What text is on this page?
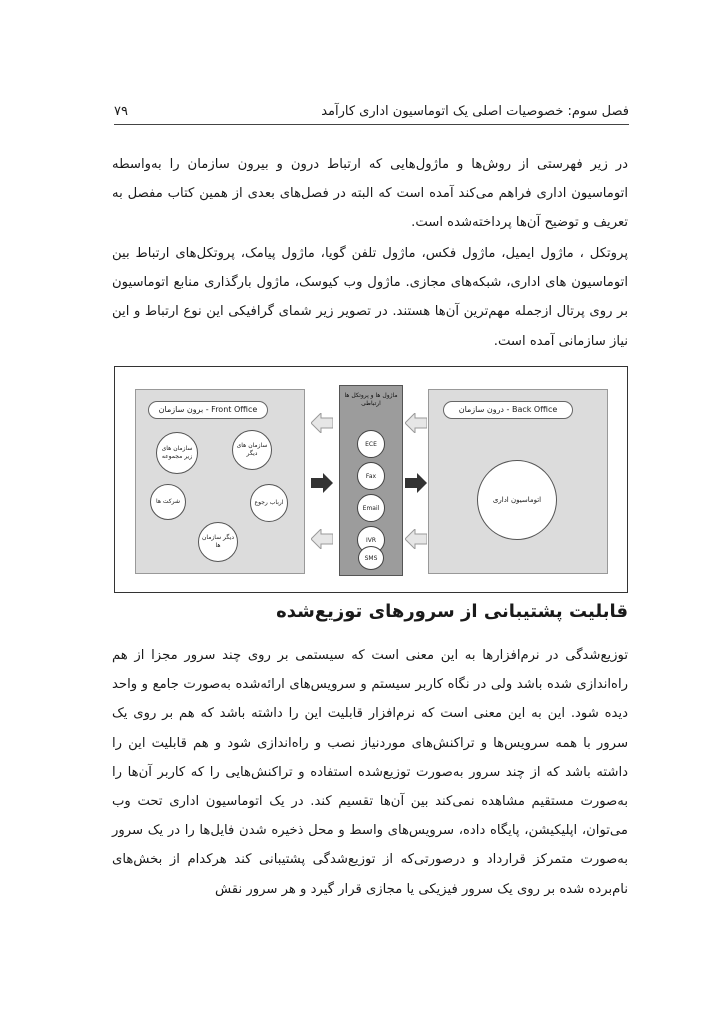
فصل سوم: خصوصیات اصلی یک اتوماسیون اداری کارآمد
۷۹

در زیر فهرستی از روش‌ها و ماژول‌هایی که ارتباط درون و بیرون سازمان را به‌واسطه اتوماسیون اداری فراهم می‌کند آمده است که البته در فصل‌های بعدی از همین کتاب مفصل به تعریف و توضیح آن‌ها پرداخته‌شده است.

پروتکل ، ماژول ایمیل، ماژول فکس، ماژول تلفن گویا، ماژول پیامک، پروتکل‌های ارتباط بین اتوماسیون های اداری، شبکه‌های مجازی. ماژول وب کیوسک، ماژول بارگذاری منابع اتوماسیون بر روی پرتال ازجمله مهم‌ترین آن‌ها هستند. در تصویر زیر شمای گرافیکی این نوع ارتباط و این نیاز سازمانی آمده است.

Front Office - برون سازمان
سازمان های زیر مجموعه
سازمان های دیگر
شرکت ها	ارباب رجوع
دیگر سازمان ها
ماژول ها و پروتکل ها ارتباطی
ECE
Fax
Email
IVR
SMS
Back Office - درون سازمان
اتوماسیون اداری
قابلیت پشتیبانی از سرورهای توزیع‌شده

توزیع‌شدگی در نرم‌افزارها به این معنی است که سیستمی بر روی چند سرور مجزا از هم راه‌اندازی شده باشد ولی در نگاه کاربر سیستم و سرویس‌های ارائه‌شده به‌صورت جامع و واحد دیده شود. این به این معنی است که نرم‌افزار قابلیت این را داشته باشد که هم بر روی یک سرور با همه سرویس‌ها و تراکنش‌های موردنیاز نصب و راه‌اندازی شود و هم قابلیت این را داشته باشد که از چند سرور به‌صورت توزیع‌شده استفاده و تراکنش‌هایی را که کاربر آن‌ها را به‌صورت مستقیم مشاهده نمی‌کند بین آن‌ها تقسیم کند. در یک اتوماسیون اداری تحت وب می‌توان، اپلیکیشن، پایگاه داده، سرویس‌های واسط و محل ذخیره شدن فایل‌ها را در یک سرور به‌صورت متمرکز قرارداد و درصورتی‌که از توزیع‌شدگی پشتیبانی کند هرکدام از بخش‌های نام‌برده شده بر روی یک سرور فیزیکی یا مجازی قرار گیرد و هر سرور نقش
